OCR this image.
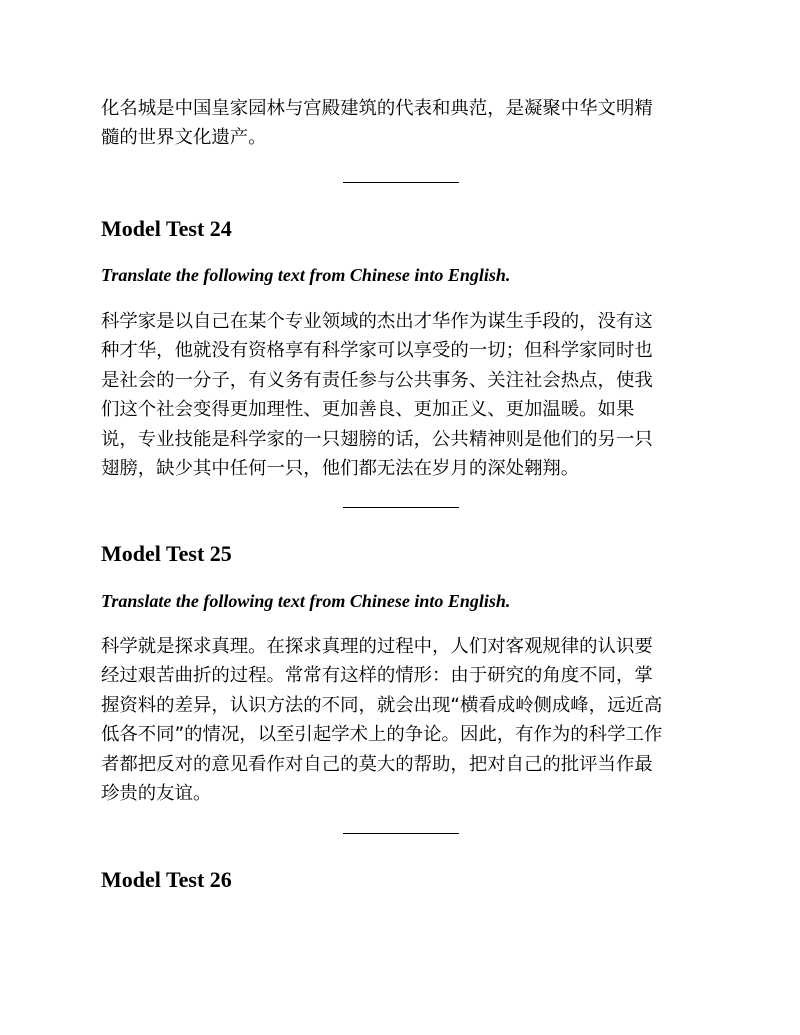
化名城是中国皇家园林与宫殿建筑的代表和典范，是凝聚中华文明精
髓的世界文化遗产。

Model Test 24

Translate the following text from Chinese into English.

科学家是以自己在某个专业领域的杰出才华作为谋生手段的，没有这
种才华，他就没有资格享有科学家可以享受的一切；但科学家同时也
是社会的一分子，有义务有责任参与公共事务、关注社会热点，使我
们这个社会变得更加理性、更加善良、更加正义、更加温暖。如果
说，专业技能是科学家的一只翅膀的话，公共精神则是他们的另一只
翅膀，缺少其中任何一只，他们都无法在岁月的深处翱翔。

Model Test 25

Translate the following text from Chinese into English.

科学就是探求真理。在探求真理的过程中，人们对客观规律的认识要
经过艰苦曲折的过程。常常有这样的情形：由于研究的角度不同，掌
握资料的差异，认识方法的不同，就会出现“横看成岭侧成峰，远近高
低各不同”的情况，以至引起学术上的争论。因此，有作为的科学工作
者都把反对的意见看作对自己的莫大的帮助，把对自己的批评当作最
珍贵的友谊。

Model Test 26
